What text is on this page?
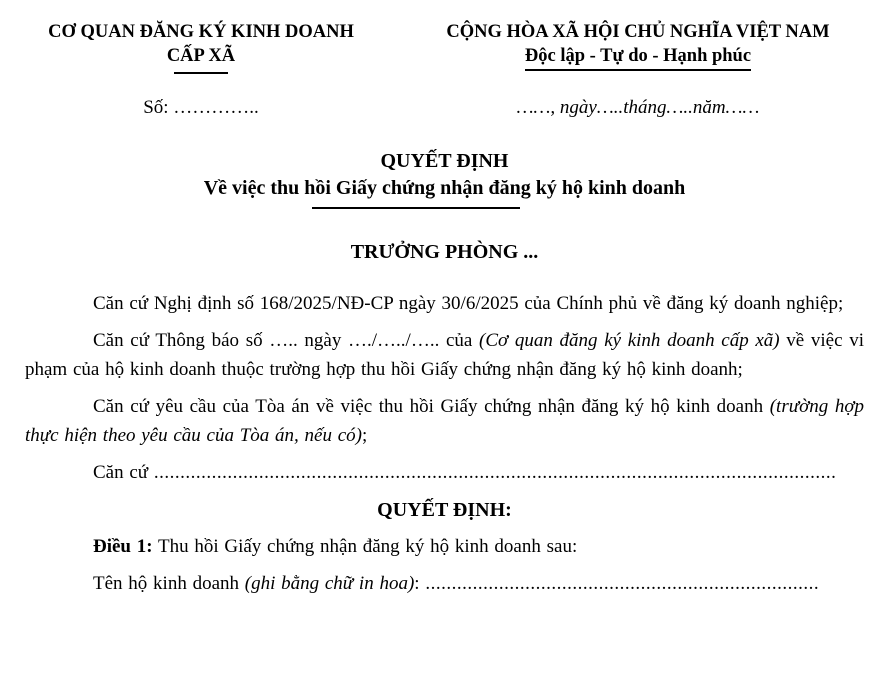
CƠ QUAN ĐĂNG KÝ KINH DOANH
CẤP XÃ
CỘNG HÒA XÃ HỘI CHỦ NGHĨA VIỆT NAM
Độc lập - Tự do - Hạnh phúc
Số: …………..	……, ngày…..tháng…..năm……
QUYẾT ĐỊNH
Về việc thu hồi Giấy chứng nhận đăng ký hộ kinh doanh
TRƯỞNG PHÒNG ...

Căn cứ Nghị định số 168/2025/NĐ-CP ngày 30/6/2025 của Chính phủ về đăng ký doanh nghiệp;

Căn cứ Thông báo số ….. ngày …./…../….. của (Cơ quan đăng ký kinh doanh cấp xã) về việc vi phạm của hộ kinh doanh thuộc trường hợp thu hồi Giấy chứng nhận đăng ký hộ kinh doanh;

Căn cứ yêu cầu của Tòa án về việc thu hồi Giấy chứng nhận đăng ký hộ kinh doanh (trường hợp thực hiện theo yêu cầu của Tòa án, nếu có);

Căn cứ ..................................................................................................................................

QUYẾT ĐỊNH:

Điều 1: Thu hồi Giấy chứng nhận đăng ký hộ kinh doanh sau:

Tên hộ kinh doanh (ghi bằng chữ in hoa): ...........................................................................
